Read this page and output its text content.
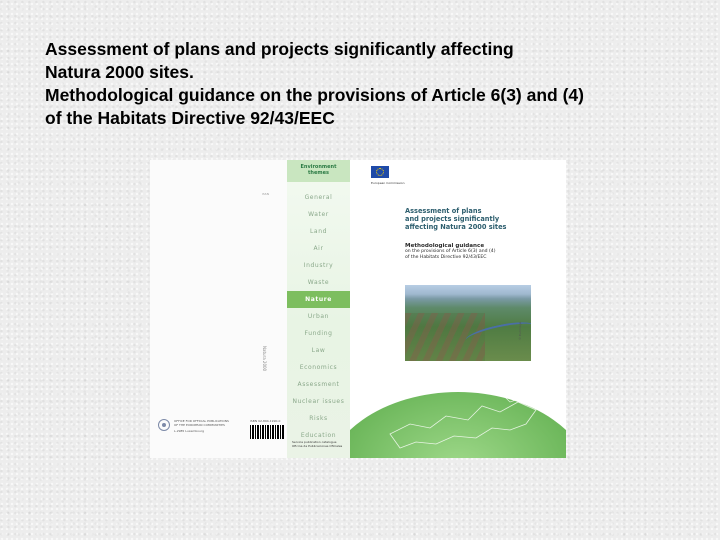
Assessment of plans and projects significantly affecting
Natura 2000 sites.
Methodological guidance on the provisions of Article 6(3) and (4)
of the Habitats Directive 92/43/EEC
ISSN
Natura 2000
OFFICE FOR OFFICIAL PUBLICATIONS
OF THE EUROPEAN COMMUNITIES
L-2985 Luxembourg
ISBN 92-894-1990-0
Environment
themes
General
Water
Land
Air
Industry
Waste
Nature
Urban
Funding
Law
Economics
Assessment
Nuclear issues
Risks
Education
European Commission
Assessment of plans
and projects significantly
affecting Natura 2000 sites
Methodological guidance
on the provisions of Article 6(3) and (4)
of the Habitats Directive 92/43/EEC
© Eurimage
Service publication catalogue
Oficina de Publicaciones Oficiales
